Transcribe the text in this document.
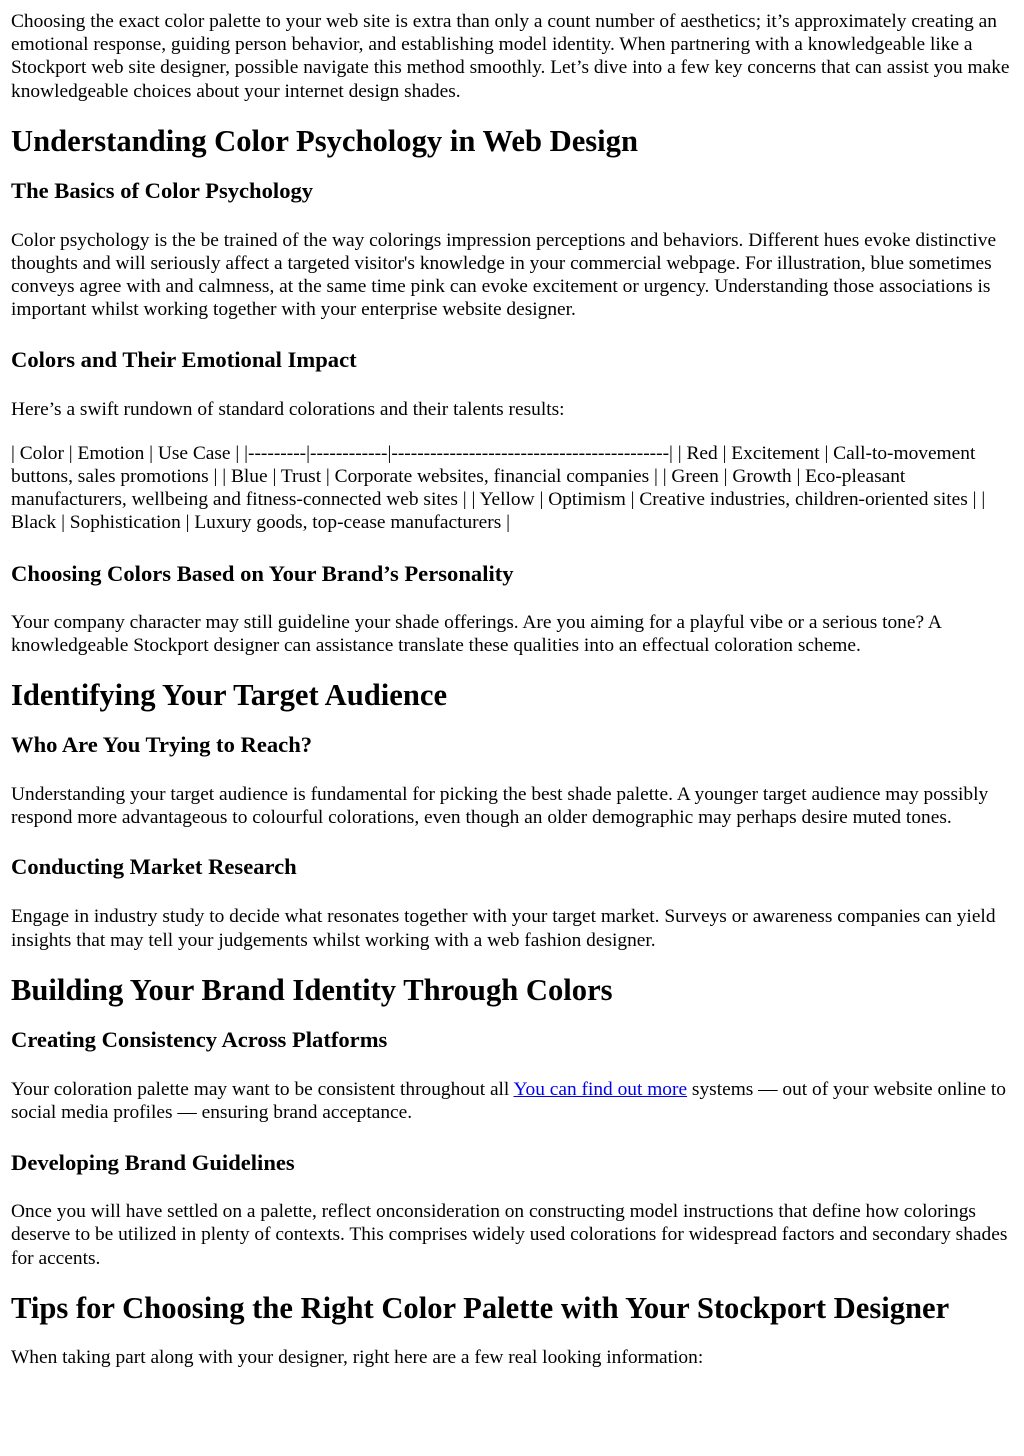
Choosing the exact color palette to your web site is extra than only a count number of aesthetics; it’s approximately creating an emotional response, guiding person behavior, and establishing model identity. When partnering with a knowledgeable like a Stockport web site designer, possible navigate this method smoothly. Let’s dive into a few key concerns that can assist you make knowledgeable choices about your internet design shades.

Understanding Color Psychology in Web Design
The Basics of Color Psychology

Color psychology is the be trained of the way colorings impression perceptions and behaviors. Different hues evoke distinctive thoughts and will seriously affect a targeted visitor's knowledge in your commercial webpage. For illustration, blue sometimes conveys agree with and calmness, at the same time pink can evoke excitement or urgency. Understanding those associations is important whilst working together with your enterprise website designer.

Colors and Their Emotional Impact

Here’s a swift rundown of standard colorations and their talents results:

| Color | Emotion | Use Case | |---------|------------|-------------------------------------------| | Red | Excitement | Call-to-movement buttons, sales promotions | | Blue | Trust | Corporate websites, financial companies | | Green | Growth | Eco-pleasant manufacturers, wellbeing and fitness-connected web sites | | Yellow | Optimism | Creative industries, children-oriented sites | | Black | Sophistication | Luxury goods, top-cease manufacturers |

Choosing Colors Based on Your Brand’s Personality

Your company character may still guideline your shade offerings. Are you aiming for a playful vibe or a serious tone? A knowledgeable Stockport designer can assistance translate these qualities into an effectual coloration scheme.

Identifying Your Target Audience
Who Are You Trying to Reach?

Understanding your target audience is fundamental for picking the best shade palette. A younger target audience may possibly respond more advantageous to colourful colorations, even though an older demographic may perhaps desire muted tones.

Conducting Market Research

Engage in industry study to decide what resonates together with your target market. Surveys or awareness companies can yield insights that may tell your judgements whilst working with a web fashion designer.

Building Your Brand Identity Through Colors
Creating Consistency Across Platforms

Your coloration palette may want to be consistent throughout all You can find out more systems — out of your website online to social media profiles — ensuring brand acceptance.

Developing Brand Guidelines

Once you will have settled on a palette, reflect onconsideration on constructing model instructions that define how colorings deserve to be utilized in plenty of contexts. This comprises widely used colorations for widespread factors and secondary shades for accents.

Tips for Choosing the Right Color Palette with Your Stockport Designer

When taking part along with your designer, right here are a few real looking information:
